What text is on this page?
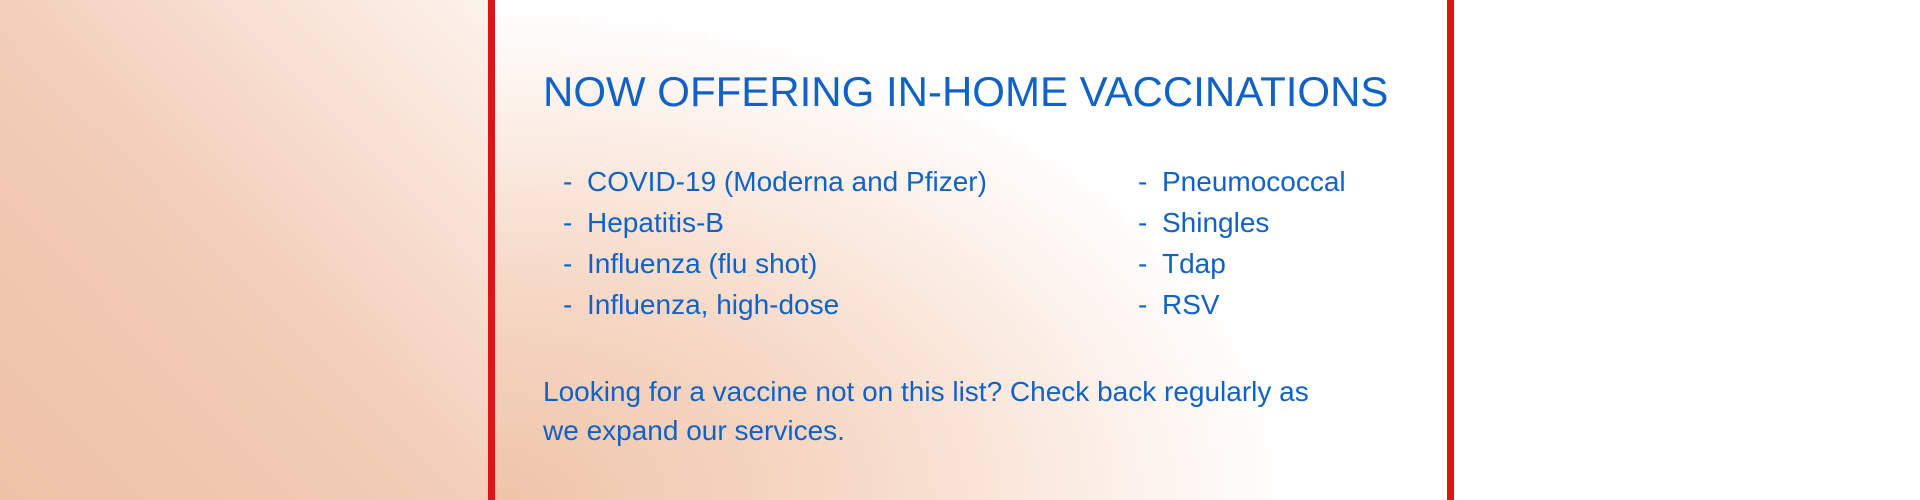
NOW OFFERING IN-HOME VACCINATIONS
- COVID-19 (Moderna and Pfizer)
- Hepatitis-B
- Influenza (flu shot)
- Influenza, high-dose
- Pneumococcal
- Shingles
- Tdap
- RSV
Looking for a vaccine not on this list? Check back regularly as
we expand our services.
